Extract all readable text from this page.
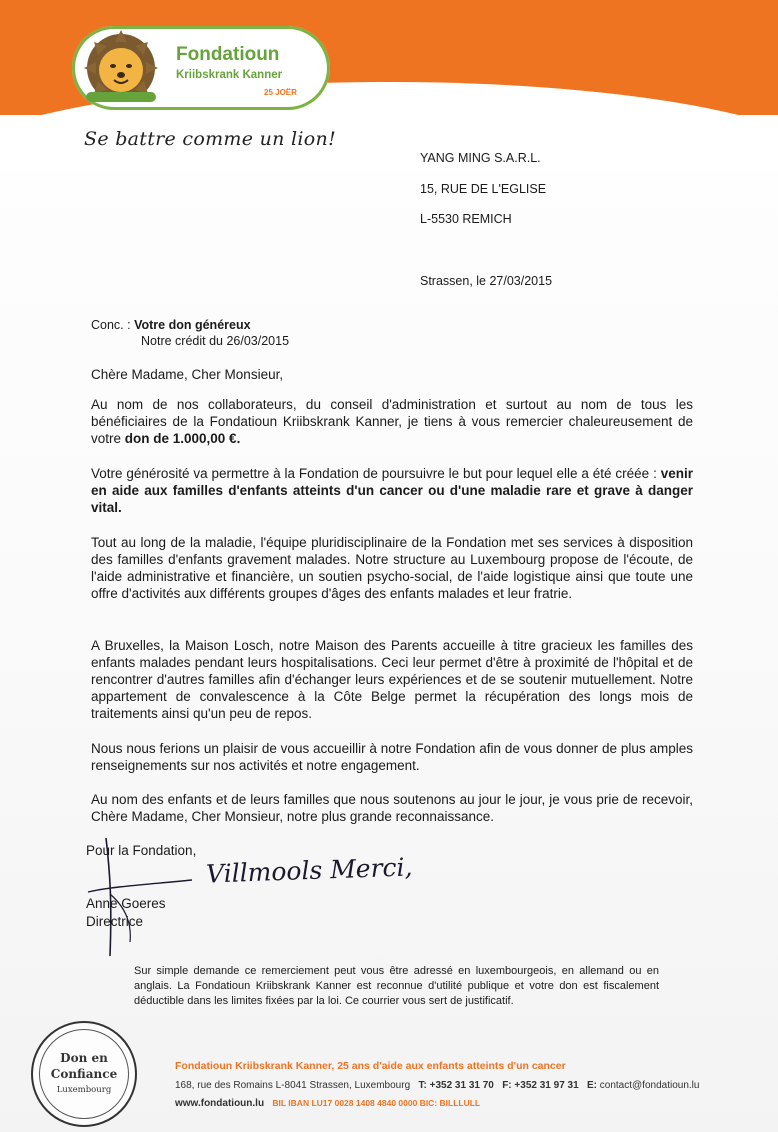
Fondatioun
Kriibskrank Kanner
25 JOËR
Se battre comme un lion!
YANG MING S.A.R.L.
15, RUE DE L'EGLISE
L-5530 REMICH
Strassen, le 27/03/2015
Conc. : Votre don généreux
Notre crédit du 26/03/2015
Chère Madame, Cher Monsieur,

Au nom de nos collaborateurs, du conseil d'administration et surtout au nom de tous les bénéficiaires de la Fondatioun Kriibskrank Kanner, je tiens à vous remercier chaleureusement de votre don de 1.000,00 €.

Votre générosité va permettre à la Fondation de poursuivre le but pour lequel elle a été créée : venir en aide aux familles d'enfants atteints d'un cancer ou d'une maladie rare et grave à danger vital.

Tout au long de la maladie, l'équipe pluridisciplinaire de la Fondation met ses services à disposition des familles d'enfants gravement malades. Notre structure au Luxembourg propose de l'écoute, de l'aide administrative et financière, un soutien psycho-social, de l'aide logistique ainsi que toute une offre d'activités aux différents groupes d'âges des enfants malades et leur fratrie.

A Bruxelles, la Maison Losch, notre Maison des Parents accueille à titre gracieux les familles des enfants malades pendant leurs hospitalisations. Ceci leur permet d'être à proximité de l'hôpital et de rencontrer d'autres familles afin d'échanger leurs expériences et de se soutenir mutuellement. Notre appartement de convalescence à la Côte Belge permet la récupération des longs mois de traitements ainsi qu'un peu de repos.

Nous nous ferions un plaisir de vous accueillir à notre Fondation afin de vous donner de plus amples renseignements sur nos activités et notre engagement.

Au nom des enfants et de leurs familles que nous soutenons au jour le jour, je vous prie de recevoir, Chère Madame, Cher Monsieur, notre plus grande reconnaissance.

Pour la Fondation,
Villmools Merci,
Anne Goeres
Directrice

Sur simple demande ce remerciement peut vous être adressé en luxembourgeois, en allemand ou en anglais. La Fondatioun Kriibskrank Kanner est reconnue d'utilité publique et votre don est fiscalement déductible dans les limites fixées par la loi. Ce courrier vous sert de justificatif.

Don en
Confiance
Luxembourg
Fondatioun Kriibskrank Kanner, 25 ans d'aide aux enfants atteints d'un cancer
168, rue des Romains L-8041 Strassen, Luxembourg T: +352 31 31 70 F: +352 31 97 31 E: contact@fondatioun.lu
www.fondatioun.lu BIL IBAN LU17 0028 1408 4840 0000 BIC: BILLLULL
